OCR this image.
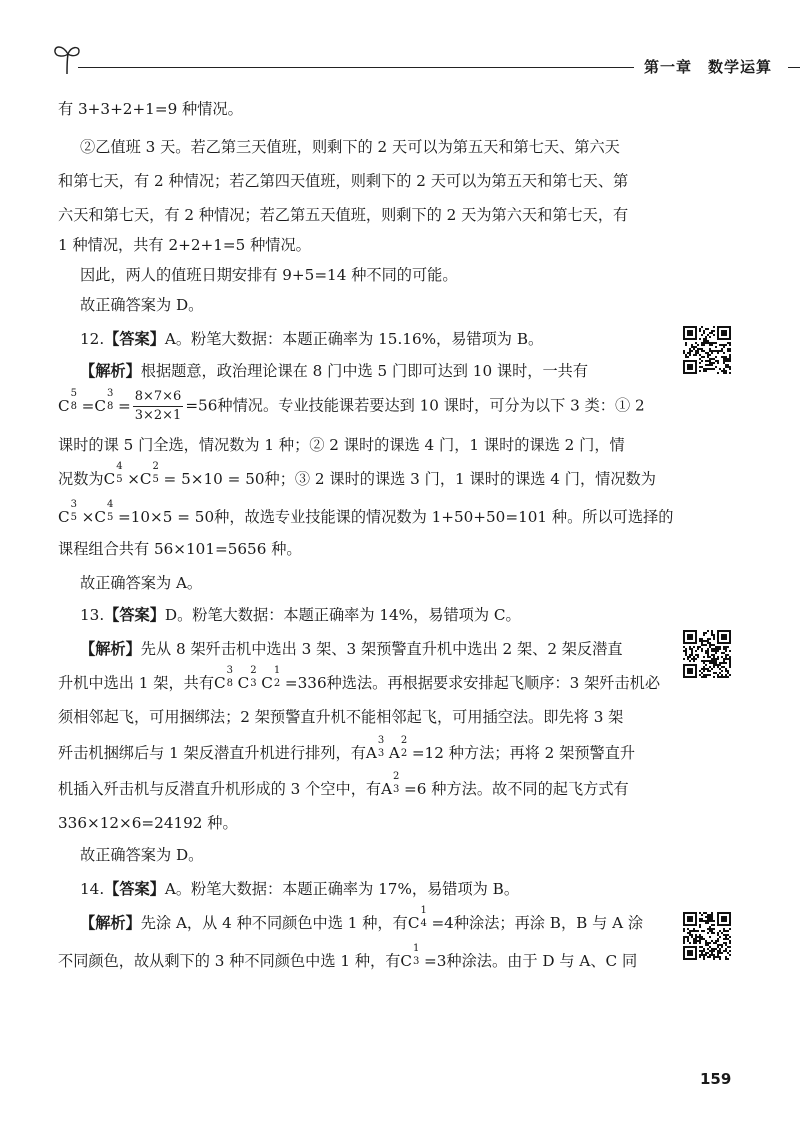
第一章 数学运算
有 3+3+2+1=9 种情况。
②乙值班 3 天。若乙第三天值班，则剩下的 2 天可以为第五天和第七天、第六天
和第七天，有 2 种情况；若乙第四天值班，则剩下的 2 天可以为第五天和第七天、第
六天和第七天，有 2 种情况；若乙第五天值班，则剩下的 2 天为第六天和第七天，有
1 种情况，共有 2+2+1=5 种情况。
因此，两人的值班日期安排有 9+5=14 种不同的可能。
故正确答案为 D。
12.【答案】A。粉笔大数据：本题正确率为 15.16%，易错项为 B。
【解析】根据题意，政治理论课在 8 门中选 5 门即可达到 10 课时，一共有
C
5
8 =C
3
$8 = \frac{8\times 7\times 6}{3\times 2\times 1} =56$种情况。专业技能课若要达到 10 课时，可分为以下 3 类：① 2
课时的课 5 门全选，情况数为 1 种；② 2 课时的课选 4 门，1 课时的课选 2 门，情
况数为C
4
5 ×C
2
5 = 5×10 = 50种；③ 2 课时的课选 3 门，1 课时的课选 4 门，情况数为
C
3
5 ×C
4
5 =10×5 = 50种，故选专业技能课的情况数为 1+50+50=101 种。所以可选择的
课程组合共有 56×101=5656 种。
故正确答案为 A。
13.【答案】D。粉笔大数据：本题正确率为 14%，易错项为 C。
【解析】先从 8 架歼击机中选出 3 架、3 架预警直升机中选出 2 架、2 架反潜直
升机中选出 1 架，共有C
3
8 C
2
3 C
1
2 =336种选法。再根据要求安排起飞顺序：3 架歼击机必
须相邻起飞，可用捆绑法；2 架预警直升机不能相邻起飞，可用插空法。即先将 3 架
歼击机捆绑后与 1 架反潜直升机进行排列，有A
3
3 A
2
2 =12 种方法；再将 2 架预警直升
机插入歼击机与反潜直升机形成的 3 个空中，有A
2
3 =6 种方法。故不同的起飞方式有
336×12×6=24192 种。
故正确答案为 D。
14.【答案】A。粉笔大数据：本题正确率为 17%，易错项为 B。
【解析】先涂 A，从 4 种不同颜色中选 1 种，有C
1
4 =4种涂法；再涂 B，B 与 A 涂
不同颜色，故从剩下的 3 种不同颜色中选 1 种，有C
1
3 =3种涂法。由于 D 与 A、C 同
159
